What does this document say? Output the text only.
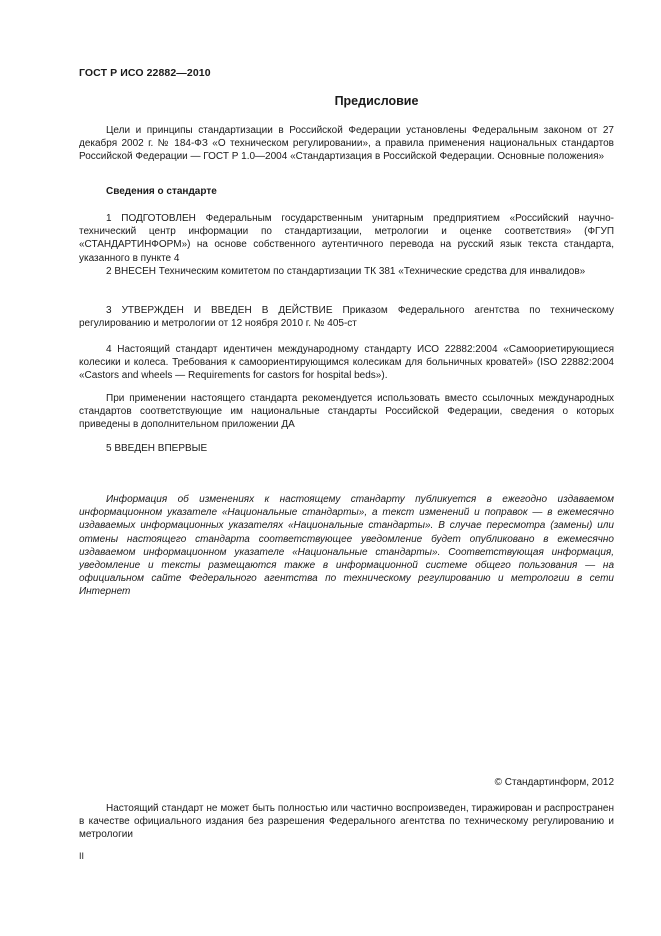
ГОСТ Р ИСО 22882—2010
Предисловие

Цели и принципы стандартизации в Российской Федерации установлены Федеральным законом от 27 декабря 2002 г. № 184-ФЗ «О техническом регулировании», а правила применения национальных стандартов Российской Федерации — ГОСТ Р 1.0—2004 «Стандартизация в Российской Федерации. Основные положения»

Сведения о стандарте

1 ПОДГОТОВЛЕН Федеральным государственным унитарным предприятием «Российский научно-технический центр информации по стандартизации, метрологии и оценке соответствия» (ФГУП «СТАНДАРТИНФОРМ») на основе собственного аутентичного перевода на русский язык текста стандарта, указанного в пункте 4

2 ВНЕСЕН Техническим комитетом по стандартизации ТК 381 «Технические средства для инвалидов»

3 УТВЕРЖДЕН И ВВЕДЕН В ДЕЙСТВИЕ Приказом Федерального агентства по техническому регулированию и метрологии от 12 ноября 2010 г. № 405-ст

4 Настоящий стандарт идентичен международному стандарту ИСО 22882:2004 «Самоориетирующиеся колесики и колеса. Требования к самоориентирующимся колесикам для больничных кроватей» (ISO 22882:2004 «Castors and wheels — Requirements for castors for hospital beds»).

При применении настоящего стандарта рекомендуется использовать вместо ссылочных международных стандартов соответствующие им национальные стандарты Российской Федерации, сведения о которых приведены в дополнительном приложении ДА

5 ВВЕДЕН ВПЕРВЫЕ

Информация об изменениях к настоящему стандарту публикуется в ежегодно издаваемом информационном указателе «Национальные стандарты», а текст изменений и поправок — в ежемесячно издаваемых информационных указателях «Национальные стандарты». В случае пересмотра (замены) или отмены настоящего стандарта соответствующее уведомление будет опубликовано в ежемесячно издаваемом информационном указателе «Национальные стандарты». Соответствующая информация, уведомление и тексты размещаются также в информационной системе общего пользования — на официальном сайте Федерального агентства по техническому регулированию и метрологии в сети Интернет

© Стандартинформ, 2012

Настоящий стандарт не может быть полностью или частично воспроизведен, тиражирован и распространен в качестве официального издания без разрешения Федерального агентства по техническому регулированию и метрологии

II
